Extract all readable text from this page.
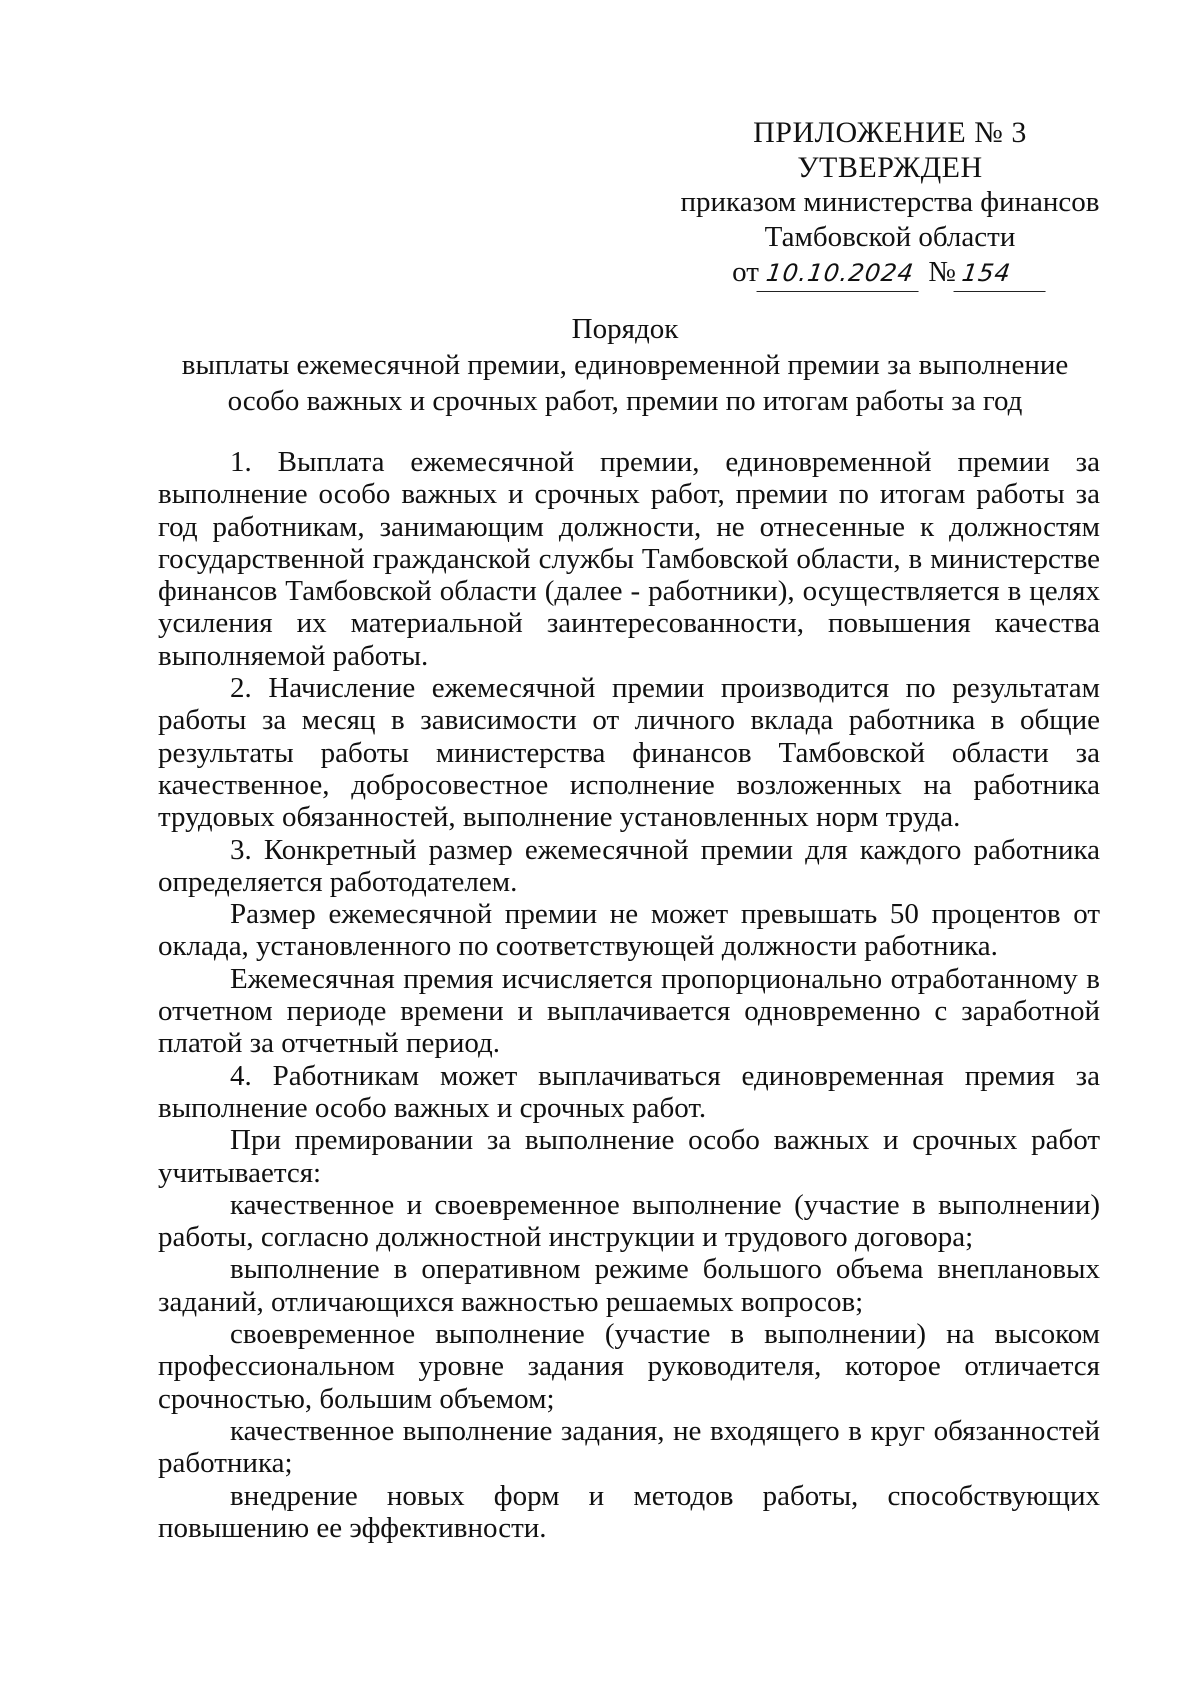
ПРИЛОЖЕНИЕ № 3
УТВЕРЖДЕН
приказом министерства финансов
Тамбовской области
от 10.10.2024 № 154
Порядок
выплаты ежемесячной премии, единовременной премии за выполнение особо важных и срочных работ, премии по итогам работы за год

1. Выплата ежемесячной премии, единовременной премии за выполнение особо важных и срочных работ, премии по итогам работы за год работникам, занимающим должности, не отнесенные к должностям государственной гражданской службы Тамбовской области, в министерстве финансов Тамбовской области (далее - работники), осуществляется в целях усиления их материальной заинтересованности, повышения качества выполняемой работы.

2. Начисление ежемесячной премии производится по результатам работы за месяц в зависимости от личного вклада работника в общие результаты работы министерства финансов Тамбовской области за качественное, добросовестное исполнение возложенных на работника трудовых обязанностей, выполнение установленных норм труда.

3. Конкретный размер ежемесячной премии для каждого работника определяется работодателем.

Размер ежемесячной премии не может превышать 50 процентов от оклада, установленного по соответствующей должности работника.

Ежемесячная премия исчисляется пропорционально отработанному в отчетном периоде времени и выплачивается одновременно с заработной платой за отчетный период.

4. Работникам может выплачиваться единовременная премия за выполнение особо важных и срочных работ.

При премировании за выполнение особо важных и срочных работ учитывается:

качественное и своевременное выполнение (участие в выполнении) работы, согласно должностной инструкции и трудового договора;

выполнение в оперативном режиме большого объема внеплановых заданий, отличающихся важностью решаемых вопросов;

своевременное выполнение (участие в выполнении) на высоком профессиональном уровне задания руководителя, которое отличается срочностью, большим объемом;

качественное выполнение задания, не входящего в круг обязанностей работника;

внедрение новых форм и методов работы, способствующих повышению ее эффективности.
